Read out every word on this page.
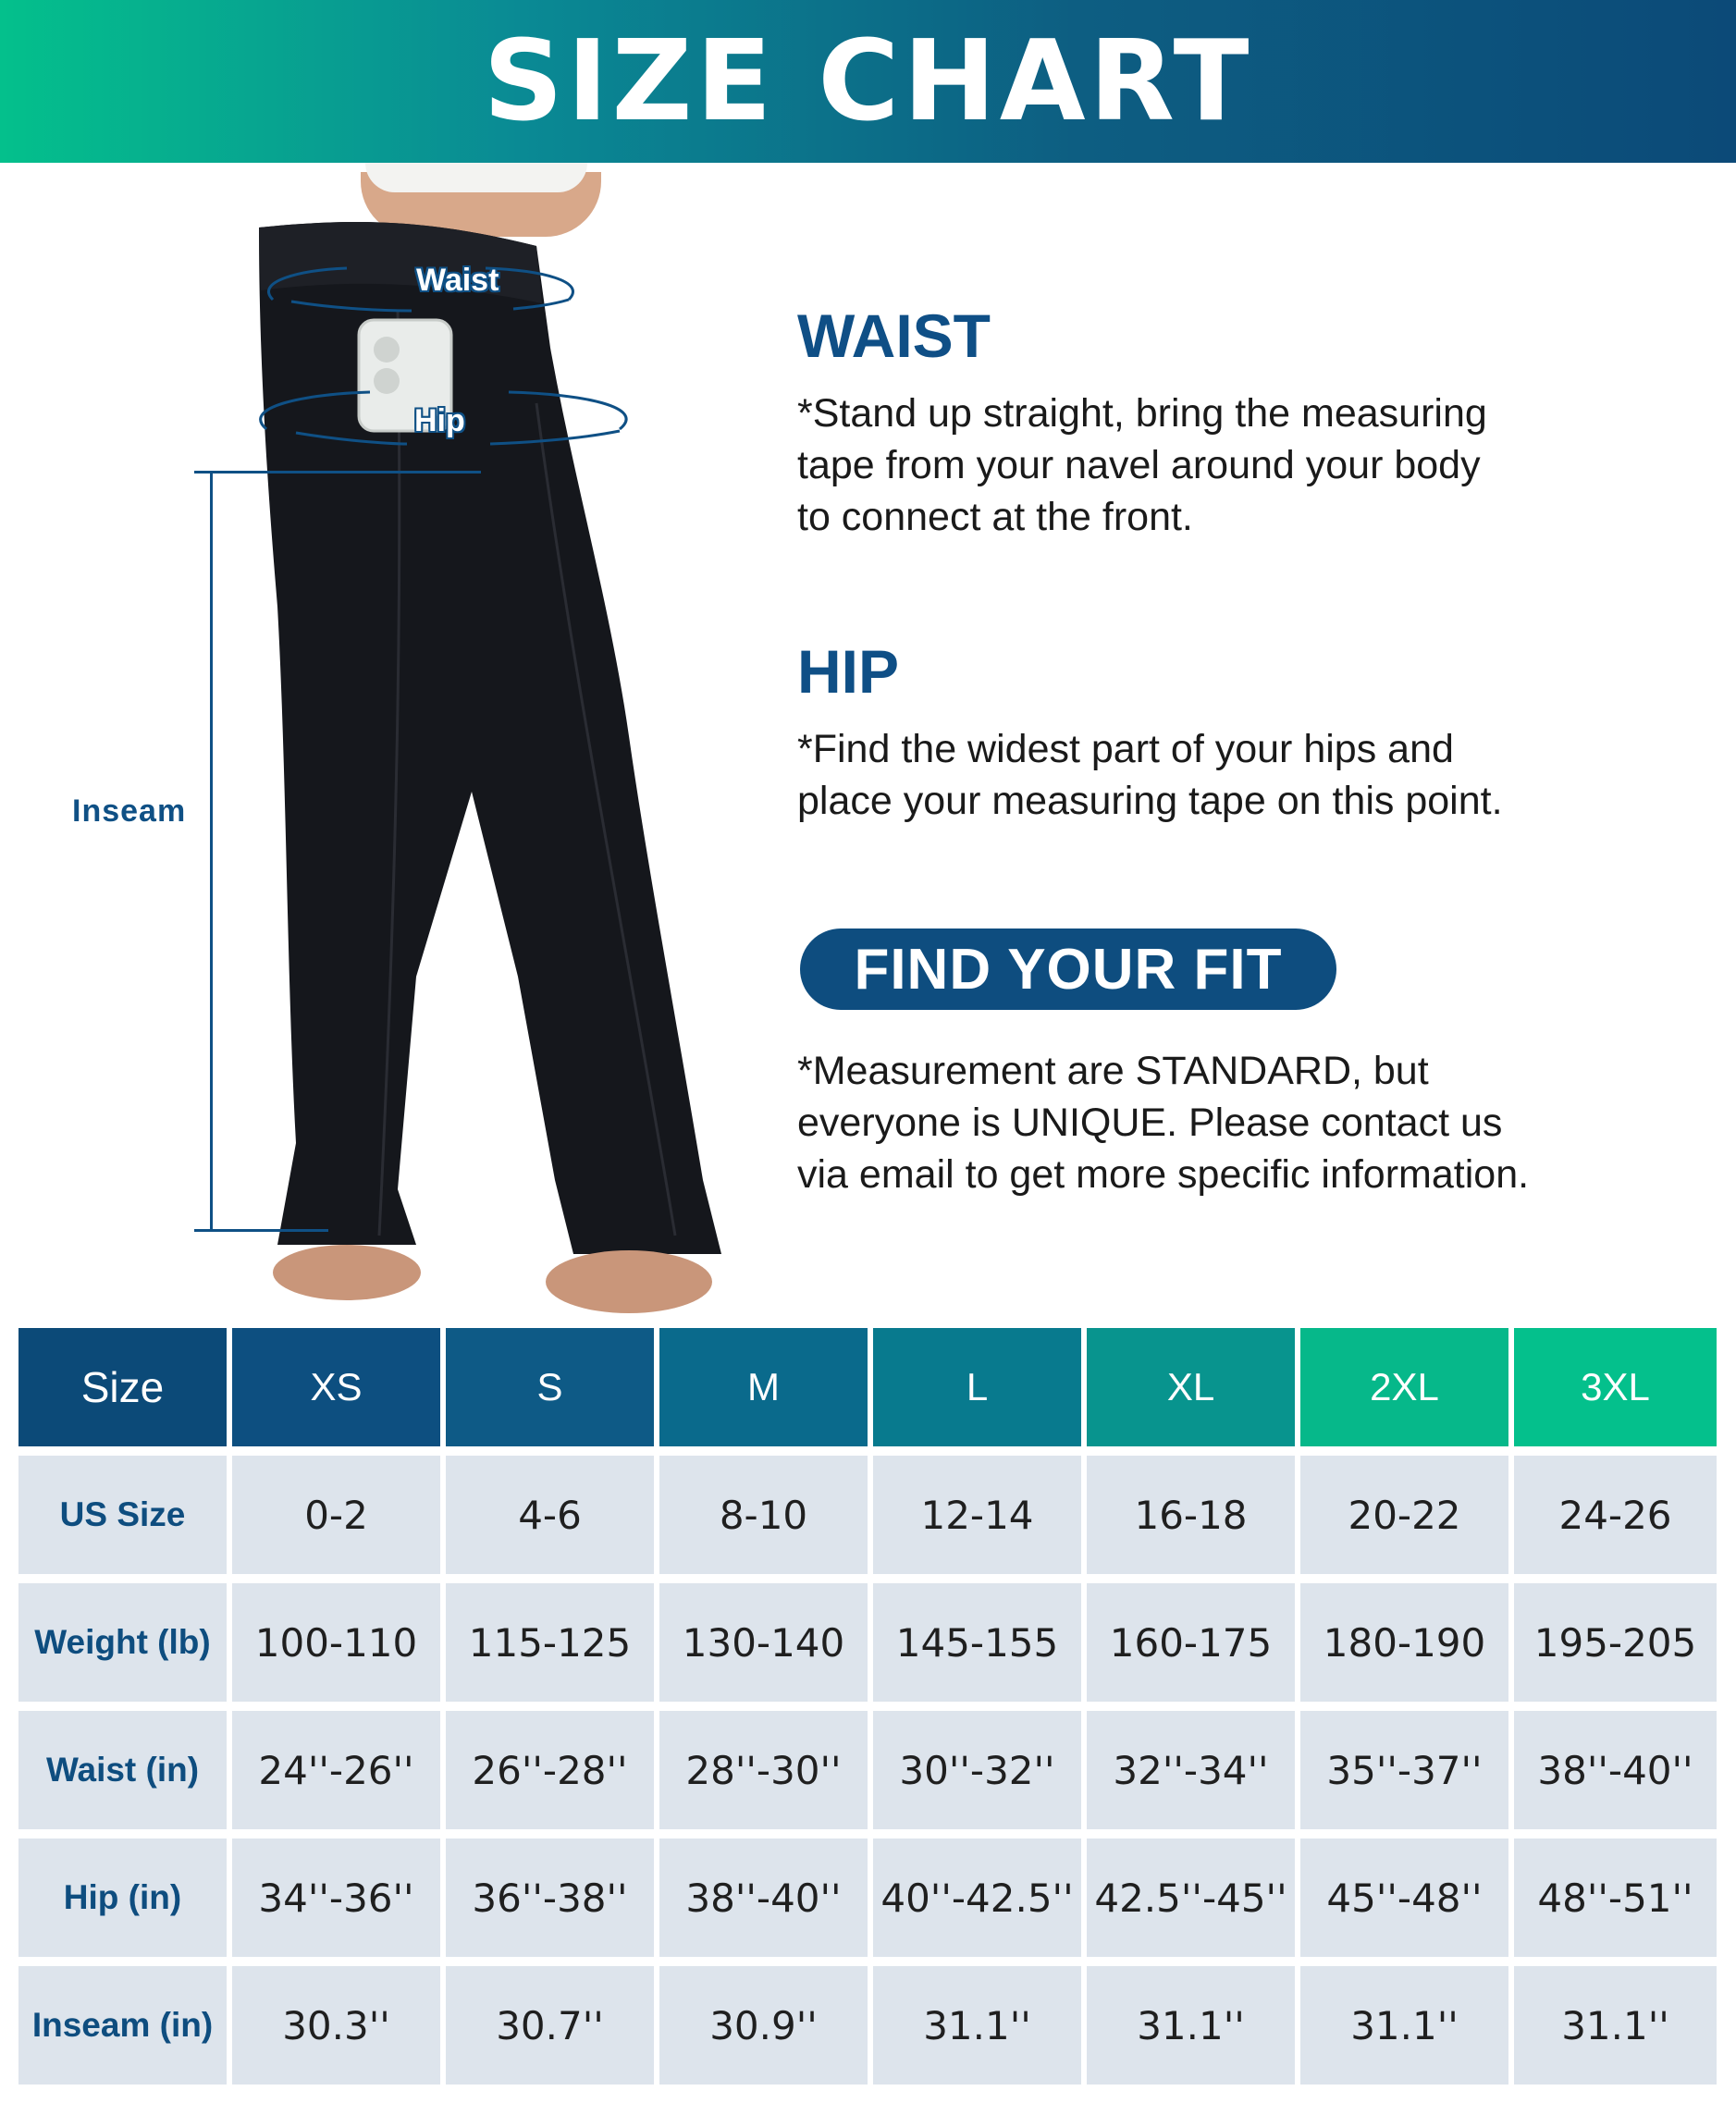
SIZE CHART
Waist
Hip
Inseam
WAIST

*Stand up straight, bring the measuring
tape from your navel around your body
to connect at the front.

HIP

*Find the widest part of your hips and
place your measuring tape on this point.

FIND YOUR FIT

*Measurement are STANDARD, but
everyone is UNIQUE. Please contact us
via email to get more specific information.

Size	XS	S	M	L	XL	2XL	3XL
US Size	0-2	4-6	8-10	12-14	16-18	20-22	24-26
Weight (lb)	100-110	115-125	130-140	145-155	160-175	180-190	195-205
Waist (in)	24''-26''	26''-28''	28''-30''	30''-32''	32''-34''	35''-37''	38''-40''
Hip (in)	34''-36''	36''-38''	38''-40''	40''-42.5''	42.5''-45''	45''-48''	48''-51''
Inseam (in)	30.3''	30.7''	30.9''	31.1''	31.1''	31.1''	31.1''
